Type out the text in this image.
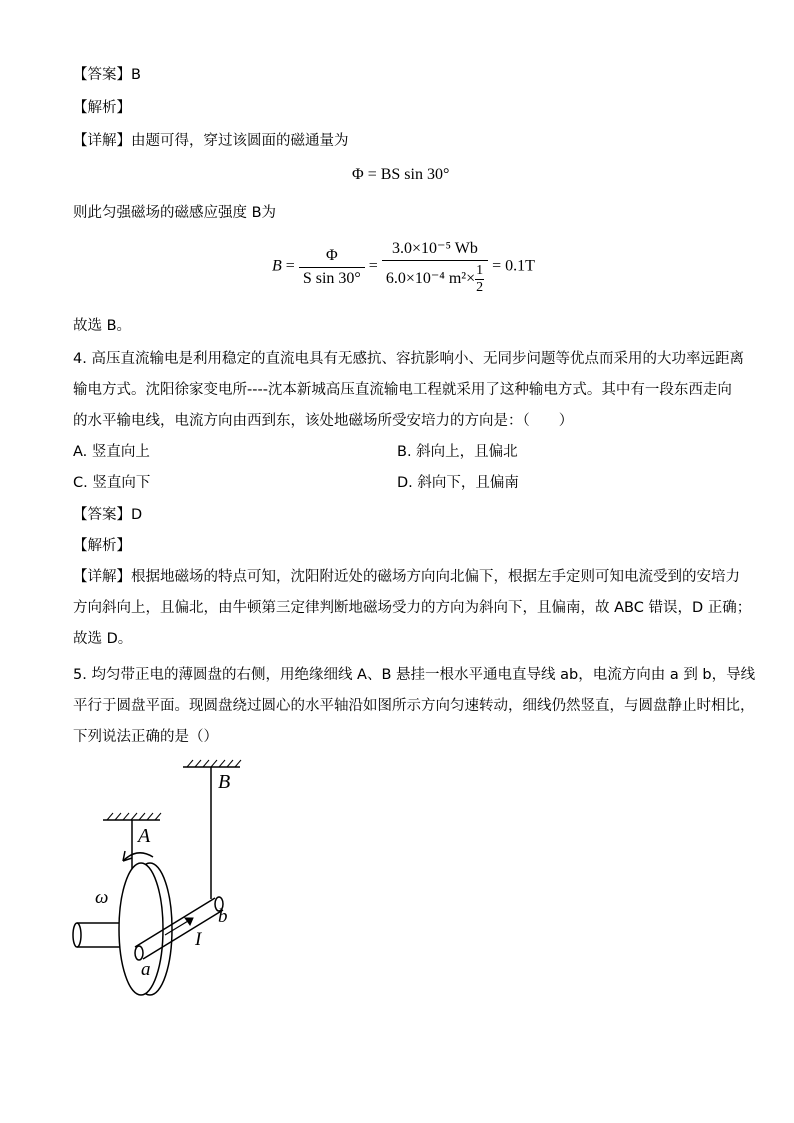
【答案】B
【解析】
【详解】由题可得，穿过该圆面的磁通量为
Φ = BS sin 30°
则此匀强磁场的磁感应强度 B为
$B = \frac{\Phi}{\text{S sin 30°}} = \frac{\text{3.0×10⁻⁵ Wb}}{6.0\times 10^{-4} m^2\times \frac{1}{2}} = 0.1T$
故选 B。
4. 高压直流输电是利用稳定的直流电具有无感抗、容抗影响小、无同步问题等优点而采用的大功率远距离
输电方式。沈阳徐家变电所----沈本新城高压直流输电工程就采用了这种输电方式。其中有一段东西走向
的水平输电线，电流方向由西到东，该处地磁场所受安培力的方向是：（　　）
A. 竖直向上	B. 斜向上，且偏北
C. 竖直向下	D. 斜向下，且偏南
【答案】D
【解析】
【详解】根据地磁场的特点可知，沈阳附近处的磁场方向向北偏下，根据左手定则可知电流受到的安培力
方向斜向上，且偏北，由牛顿第三定律判断地磁场受力的方向为斜向下，且偏南，故 ABC 错误，D 正确；
故选 D。
5. 均匀带正电的薄圆盘的右侧，用绝缘细线 A、B 悬挂一根水平通电直导线 ab，电流方向由 a 到 b，导线
平行于圆盘平面。现圆盘绕过圆心的水平轴沿如图所示方向匀速转动，细线仍然竖直，与圆盘静止时相比，
下列说法正确的是（）
B
A
ω
b
I
a
